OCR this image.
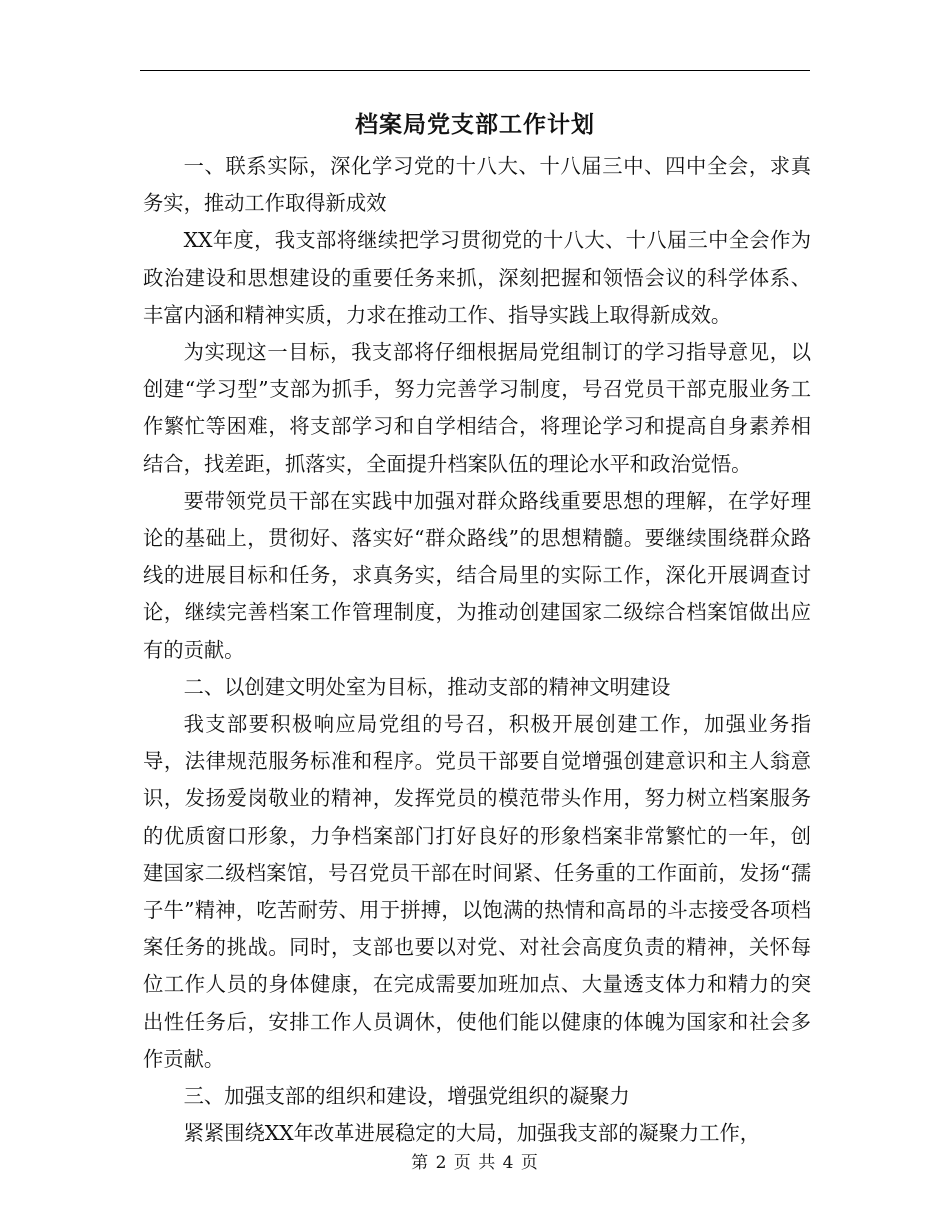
档案局党支部工作计划

一、联系实际，深化学习党的十八大、十八届三中、四中全会，求真务实，推动工作取得新成效

XX年度，我支部将继续把学习贯彻党的十八大、十八届三中全会作为政治建设和思想建设的重要任务来抓，深刻把握和领悟会议的科学体系、丰富内涵和精神实质，力求在推动工作、指导实践上取得新成效。

为实现这一目标，我支部将仔细根据局党组制订的学习指导意见，以创建“学习型”支部为抓手，努力完善学习制度，号召党员干部克服业务工作繁忙等困难，将支部学习和自学相结合，将理论学习和提高自身素养相结合，找差距，抓落实，全面提升档案队伍的理论水平和政治觉悟。

要带领党员干部在实践中加强对群众路线重要思想的理解，在学好理论的基础上，贯彻好、落实好“群众路线”的思想精髓。要继续围绕群众路线的进展目标和任务，求真务实，结合局里的实际工作，深化开展调查讨论，继续完善档案工作管理制度，为推动创建国家二级综合档案馆做出应有的贡献。

二、以创建文明处室为目标，推动支部的精神文明建设

我支部要积极响应局党组的号召，积极开展创建工作，加强业务指导，法律规范服务标准和程序。党员干部要自觉增强创建意识和主人翁意识，发扬爱岗敬业的精神，发挥党员的模范带头作用，努力树立档案服务的优质窗口形象，力争档案部门打好良好的形象档案非常繁忙的一年，创建国家二级档案馆，号召党员干部在时间紧、任务重的工作面前，发扬“孺子牛”精神，吃苦耐劳、用于拼搏，以饱满的热情和高昂的斗志接受各项档案任务的挑战。同时，支部也要以对党、对社会高度负责的精神，关怀每位工作人员的身体健康，在完成需要加班加点、大量透支体力和精力的突出性任务后，安排工作人员调休，使他们能以健康的体魄为国家和社会多作贡献。

三、加强支部的组织和建设，增强党组织的凝聚力

紧紧围绕XX年改革进展稳定的大局，加强我支部的凝聚力工作，

第 2 页 共 4 页
